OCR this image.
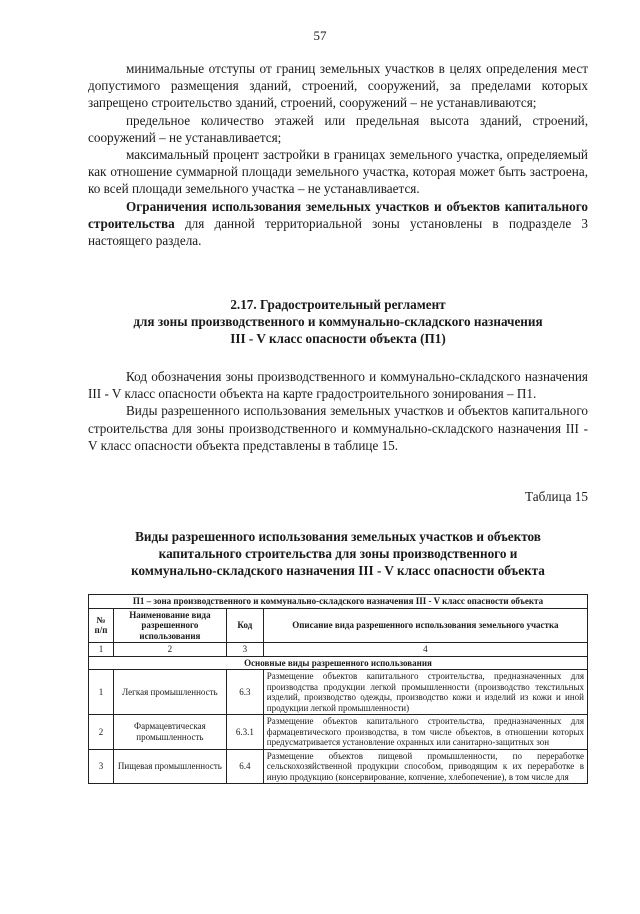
57

минимальные отступы от границ земельных участков в целях определения мест допустимого размещения зданий, строений, сооружений, за пределами которых запрещено строительство зданий, строений, сооружений – не устанавливаются;

предельное количество этажей или предельная высота зданий, строений, сооружений – не устанавливается;

максимальный процент застройки в границах земельного участка, определяемый как отношение суммарной площади земельного участка, которая может быть застроена, ко всей площади земельного участка – не устанавливается.

Ограничения использования земельных участков и объектов капитального строительства для данной территориальной зоны установлены в подразделе 3 настоящего раздела.

2.17. Градостроительный регламент

для зоны производственного и коммунально-складского назначения

III - V класс опасности объекта (П1)

Код обозначения зоны производственного и коммунально-складского назначения III - V класс опасности объекта на карте градостроительного зонирования – П1.

Виды разрешенного использования земельных участков и объектов капитального строительства для зоны производственного и коммунально-складского назначения III - V класс опасности объекта представлены в таблице 15.

Таблица 15

Виды разрешенного использования земельных участков и объектов

капитального строительства для зоны производственного и

коммунально-складского назначения III - V класс опасности объекта

П1 – зона производственного и коммунально-складского назначения III - V класс опасности объекта			
№ п/п	Наименование вида разрешенного использования	Код	Описание вида разрешенного использования земельного участка
1	2	3	4
Основные виды разрешенного использования			
1	Легкая промышленность	6.3	Размещение объектов капитального строительства, предназначенных для производства продукции легкой промышленности (производство текстильных изделий, производство одежды, производство кожи и изделий из кожи и иной продукции легкой промышленности)
2	Фармацевтическая промышленность	6.3.1	Размещение объектов капитального строительства, предназначенных для фармацевтического производства, в том числе объектов, в отношении которых предусматривается установление охранных или санитарно-защитных зон
3	Пищевая промышленность	6.4	Размещение объектов пищевой промышленности, по переработке сельскохозяйственной продукции способом, приводящим к их переработке в иную продукцию (консервирование, копчение, хлебопечение), в том числе для
